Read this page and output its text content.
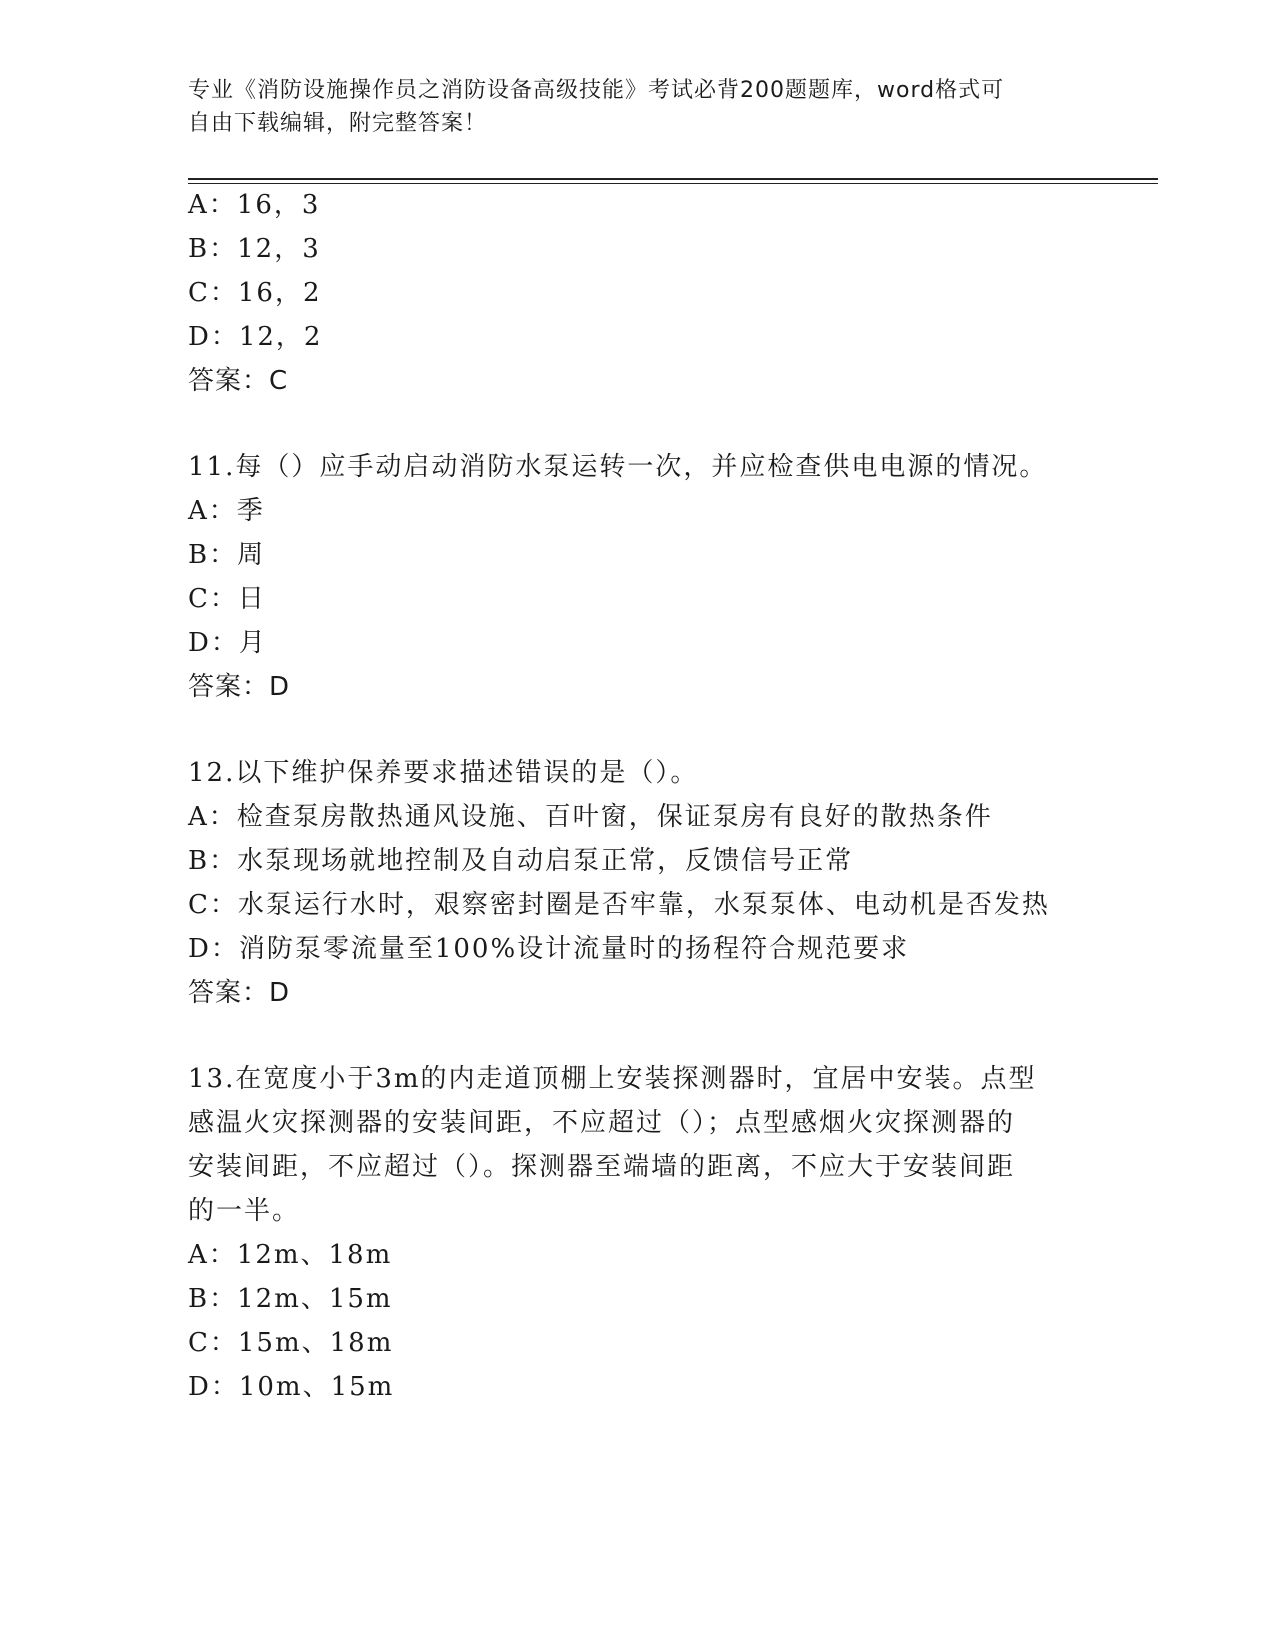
专业《消防设施操作员之消防设备高级技能》考试必背200题题库，word格式可
自由下载编辑，附完整答案！
A：16，3
B：12，3
C：16，2
D：12，2
答案：C
11.每（）应手动启动消防水泵运转一次，并应检查供电电源的情况。
A：季
B：周
C：日
D：月
答案：D
12.以下维护保养要求描述错误的是（）。
A：检查泵房散热通风设施、百叶窗，保证泵房有良好的散热条件
B：水泵现场就地控制及自动启泵正常，反馈信号正常
C：水泵运行水时，艰察密封圈是否牢靠，水泵泵体、电动机是否发热
D：消防泵零流量至100%设计流量时的扬程符合规范要求
答案：D
13.在宽度小于3m的内走道顶棚上安装探测器时，宜居中安装。点型
感温火灾探测器的安装间距，不应超过（）；点型感烟火灾探测器的
安装间距，不应超过（）。探测器至端墙的距离，不应大于安装间距
的一半。
A：12m、18m
B：12m、15m
C：15m、18m
D：10m、15m
